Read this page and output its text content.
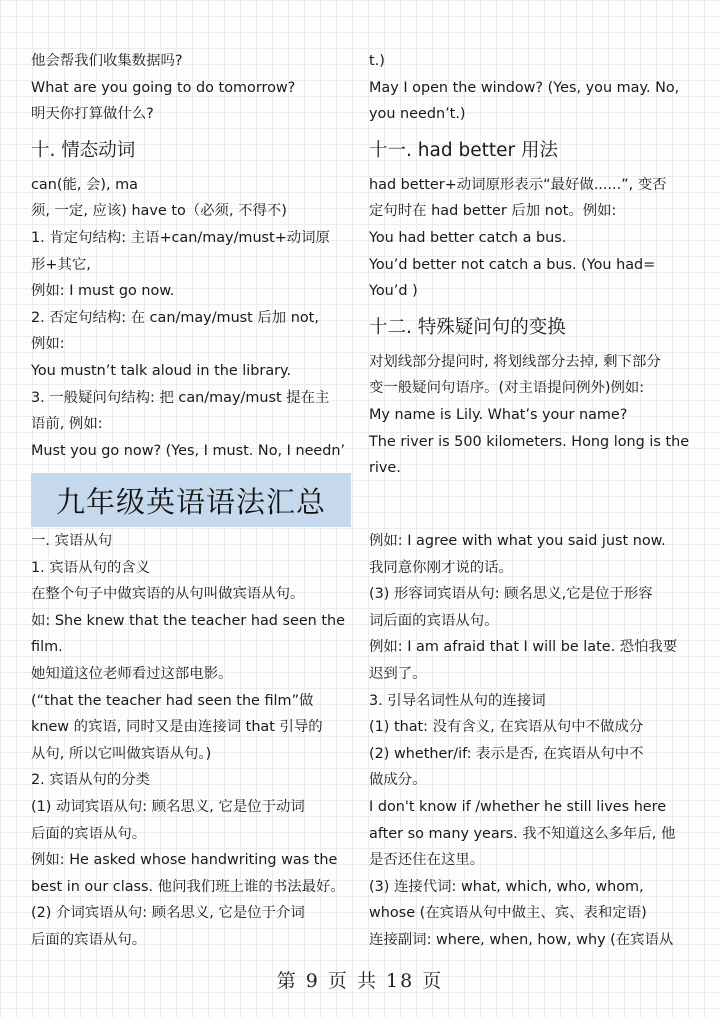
他会帮我们收集数据吗?
What are you going to do tomorrow?
明天你打算做什么?
十. 情态动词
can(能, 会), ma
须, 一定, 应该) have to（必须, 不得不)
1. 肯定句结构: 主语+can/may/must+动词原
形+其它,
例如: I must go now.
2. 否定句结构: 在 can/may/must 后加 not,
例如:
You mustn’t talk aloud in the library.
3. 一般疑问句结构: 把 can/may/must 提在主
语前, 例如:
Must you go now? (Yes, I must. No, I needn’
t.)
May I open the window? (Yes, you may. No,
you needn’t.)
十一. had better 用法
had better+动词原形表示“最好做......”, 变否
定句时在 had better 后加 not。例如:
You had better catch a bus.
You’d better not catch a bus. (You had=
You’d )
十二. 特殊疑问句的变换
对划线部分提问时, 将划线部分去掉, 剩下部分
变一般疑问句语序。(对主语提问例外)例如:
My name is Lily. What’s your name?
The river is 500 kilometers. Hong long is the
rive.
九年级英语语法汇总
一. 宾语从句
1. 宾语从句的含义
在整个句子中做宾语的从句叫做宾语从句。
如: She knew that the teacher had seen the
film.
她知道这位老师看过这部电影。
(“that the teacher had seen the film”做
knew 的宾语, 同时又是由连接词 that 引导的
从句, 所以它叫做宾语从句。)
2. 宾语从句的分类
(1) 动词宾语从句: 顾名思义, 它是位于动词
后面的宾语从句。
例如: He asked whose handwriting was the
best in our class. 他问我们班上谁的书法最好。
(2) 介词宾语从句: 顾名思义, 它是位于介词
后面的宾语从句。
例如: I agree with what you said just now.
我同意你刚才说的话。
(3) 形容词宾语从句: 顾名思义,它是位于形容
词后面的宾语从句。
例如: I am afraid that I will be late. 恐怕我要
迟到了。
3. 引导名词性从句的连接词
(1) that: 没有含义, 在宾语从句中不做成分
(2) whether/if: 表示是否, 在宾语从句中不
做成分。
I don't know if /whether he still lives here
after so many years. 我不知道这么多年后, 他
是否还住在这里。
(3) 连接代词: what, which, who, whom,
whose (在宾语从句中做主、宾、表和定语)
连接副词: where, when, how, why (在宾语从
第 9 页 共 18 页
